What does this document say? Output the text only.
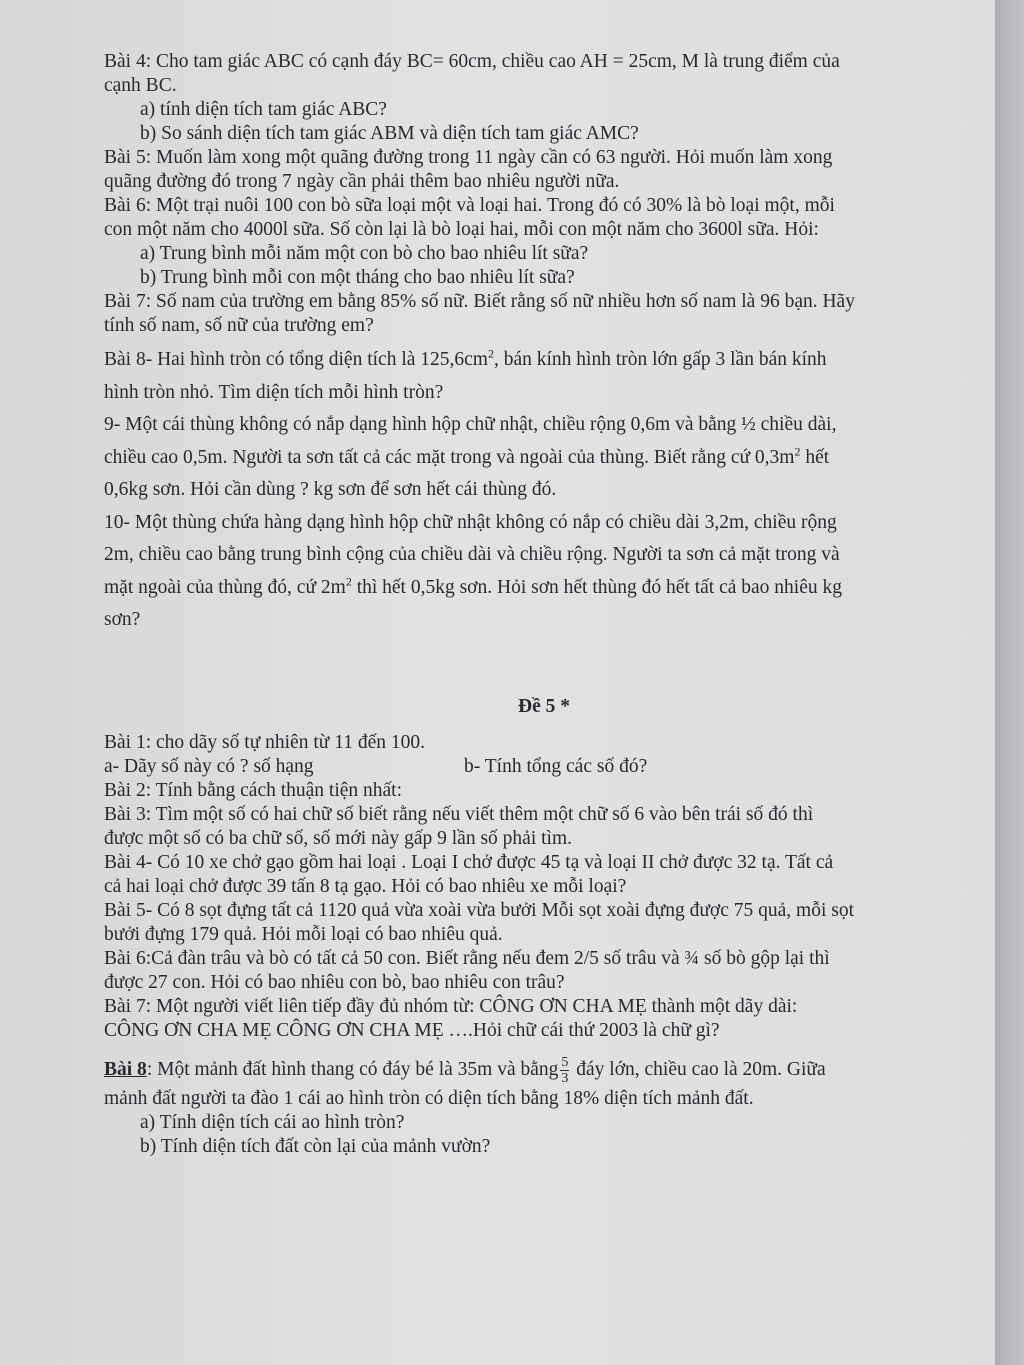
Bài 4: Cho tam giác ABC có cạnh đáy BC= 60cm, chiều cao AH = 25cm, M là trung điểm của

cạnh BC.

a) tính diện tích tam giác ABC?

b) So sánh diện tích tam giác ABM và diện tích tam giác AMC?

Bài 5: Muốn làm xong một quãng đường trong 11 ngày cần có 63 người. Hỏi muốn làm xong

quãng đường đó trong 7 ngày cần phải thêm bao nhiêu người nữa.

Bài 6: Một trại nuôi 100 con bò sữa loại một và loại hai. Trong đó có 30% là bò loại một, mỗi

con một năm cho 4000l sữa. Số còn lại là bò loại hai, mỗi con một năm cho 3600l sữa. Hỏi:

a) Trung bình mỗi năm một con bò cho bao nhiêu lít sữa?

b) Trung bình mỗi con một tháng cho bao nhiêu lít sữa?

Bài 7: Số nam của trường em bằng 85% số nữ. Biết rằng số nữ nhiều hơn số nam là 96 bạn. Hãy

tính số nam, số nữ của trường em?

Bài 8- Hai hình tròn có tổng diện tích là $125,6cm^2$, bán kính hình tròn lớn gấp 3 lần bán kính

hình tròn nhỏ. Tìm diện tích mỗi hình tròn?

9- Một cái thùng không có nắp dạng hình hộp chữ nhật, chiều rộng 0,6m và bằng ½ chiều dài,

chiều cao 0,5m. Người ta sơn tất cả các mặt trong và ngoài của thùng. Biết rằng cứ $0,3m^2$ hết

0,6kg sơn. Hỏi cần dùng ? kg sơn để sơn hết cái thùng đó.

10- Một thùng chứa hàng dạng hình hộp chữ nhật không có nắp có chiều dài 3,2m, chiều rộng

2m, chiều cao bằng trung bình cộng của chiều dài và chiều rộng. Người ta sơn cả mặt trong và

mặt ngoài của thùng đó, cứ $2m^2$ thì hết 0,5kg sơn. Hỏi sơn hết thùng đó hết tất cả bao nhiêu kg

sơn?

Đề 5 *

Bài 1: cho dãy số tự nhiên từ 11 đến 100.

a- Dãy số này có ? số hạng	b- Tính tổng các số đó?

Bài 2: Tính bằng cách thuận tiện nhất:

Bài 3: Tìm một số có hai chữ số biết rằng nếu viết thêm một chữ số 6 vào bên trái số đó thì

được một số có ba chữ số, số mới này gấp 9 lần số phải tìm.

Bài 4- Có 10 xe chở gạo gồm hai loại . Loại I chở được 45 tạ và loại II chở được 32 tạ. Tất cả

cả hai loại chở được 39 tấn 8 tạ gạo. Hỏi có bao nhiêu xe mỗi loại?

Bài 5- Có 8 sọt đựng tất cả 1120 quả vừa xoài vừa bưởi Mỗi sọt xoài đựng được 75 quả, mỗi sọt

bưởi đựng 179 quả. Hỏi mỗi loại có bao nhiêu quả.

Bài 6:Cả đàn trâu và bò có tất cả 50 con. Biết rằng nếu đem 2/5 số trâu và ¾ số bò gộp lại thì

được 27 con. Hỏi có bao nhiêu con bò, bao nhiêu con trâu?

Bài 7: Một người viết liên tiếp đầy đủ nhóm từ: CÔNG ƠN CHA MẸ thành một dãy dài:

CÔNG ƠN CHA MẸ CÔNG ƠN CHA MẸ ….Hỏi chữ cái thứ 2003 là chữ gì?

Bài 8: Một mảnh đất hình thang có đáy bé là 35m và bằng $\frac{5}{3}$ đáy lớn, chiều cao là 20m. Giữa

mảnh đất người ta đào 1 cái ao hình tròn có diện tích bằng 18% diện tích mảnh đất.

a) Tính diện tích cái ao hình tròn?

b) Tính diện tích đất còn lại của mảnh vườn?
